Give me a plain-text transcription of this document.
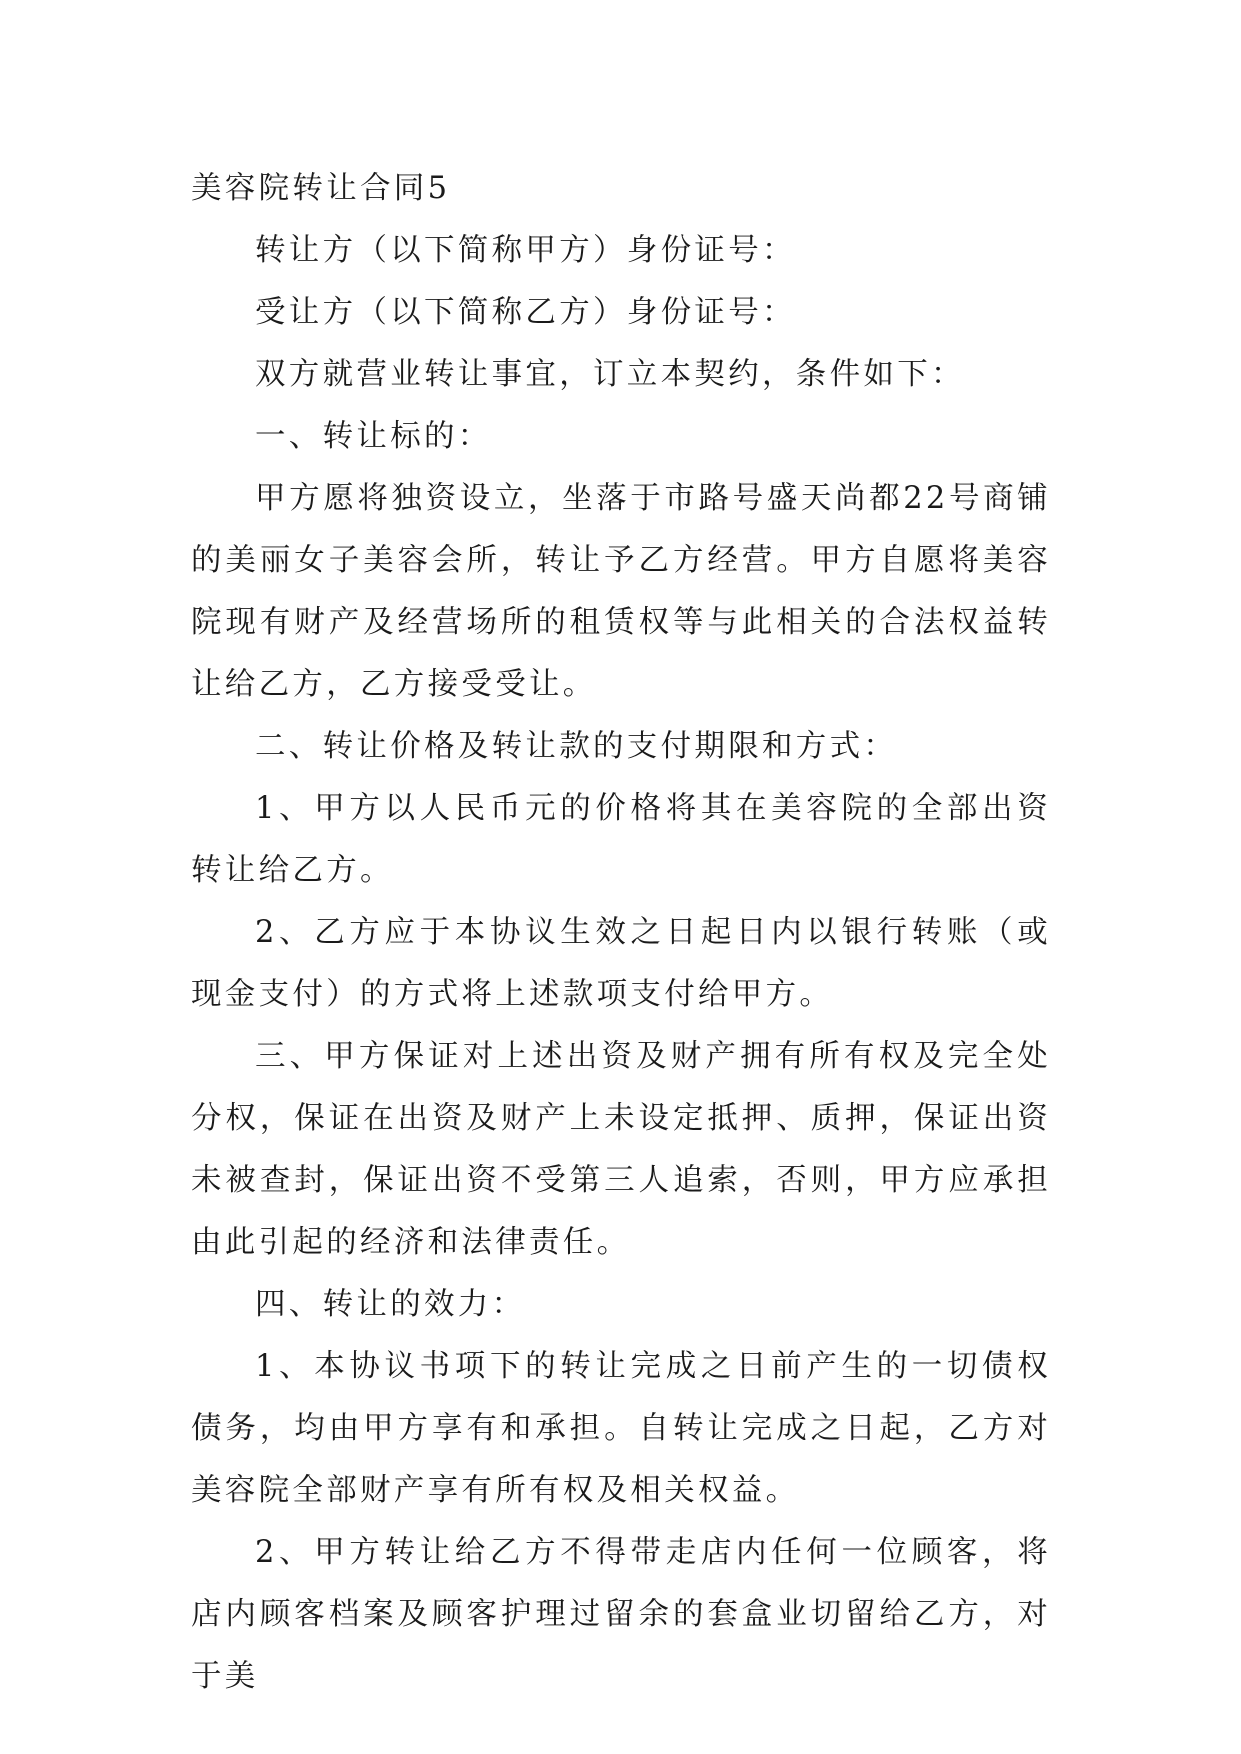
美容院转让合同5

转让方（以下简称甲方）身份证号：

受让方（以下简称乙方）身份证号：

双方就营业转让事宜，订立本契约，条件如下：

一、转让标的：

甲方愿将独资设立，坐落于市路号盛天尚都22号商铺的美丽女子美容会所，转让予乙方经营。甲方自愿将美容院现有财产及经营场所的租赁权等与此相关的合法权益转让给乙方，乙方接受受让。

二、转让价格及转让款的支付期限和方式：

1、甲方以人民币元的价格将其在美容院的全部出资转让给乙方。

2、乙方应于本协议生效之日起日内以银行转账（或现金支付）的方式将上述款项支付给甲方。

三、甲方保证对上述出资及财产拥有所有权及完全处分权，保证在出资及财产上未设定抵押、质押，保证出资未被查封，保证出资不受第三人追索，否则，甲方应承担由此引起的经济和法律责任。

四、转让的效力：

1、本协议书项下的转让完成之日前产生的一切债权债务，均由甲方享有和承担。自转让完成之日起，乙方对美容院全部财产享有所有权及相关权益。

2、甲方转让给乙方不得带走店内任何一位顾客，将店内顾客档案及顾客护理过留余的套盒业切留给乙方，对于美
